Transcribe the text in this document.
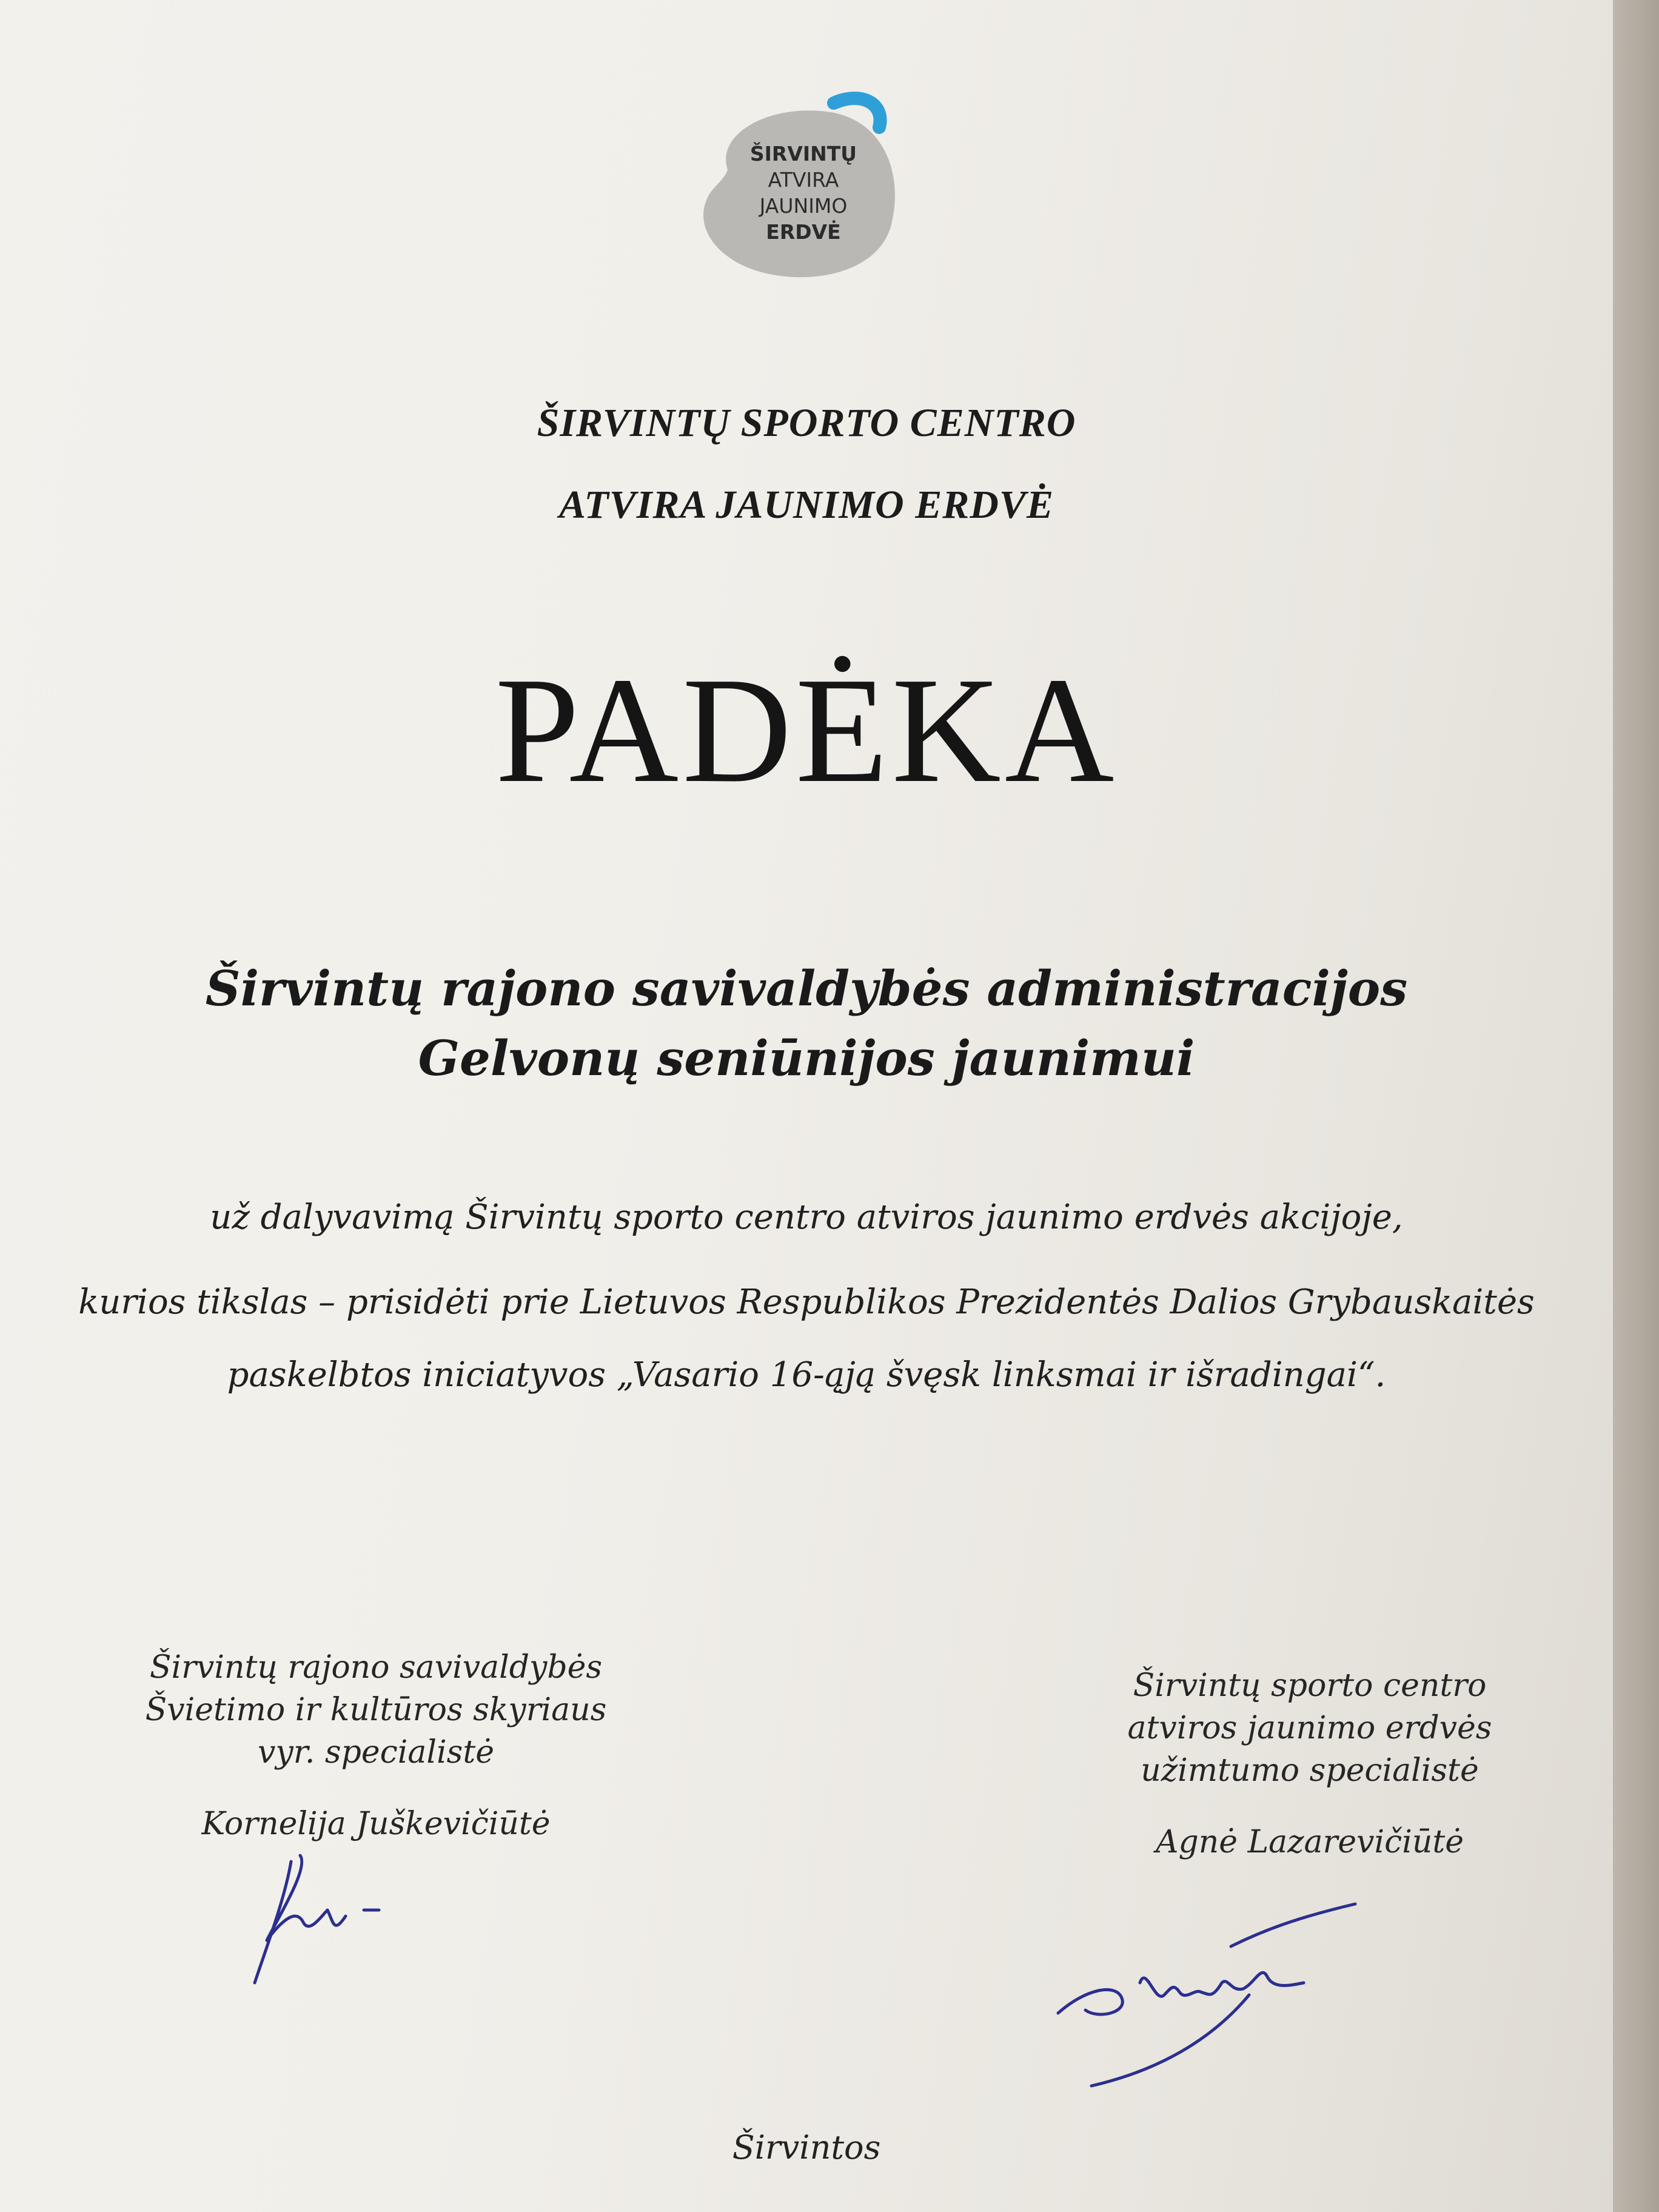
ŠIRVINTŲ
ATVIRA
JAUNIMO
ERDVĖ
ŠIRVINTŲ SPORTO CENTRO
ATVIRA JAUNIMO ERDVĖ
PADĖKA
Širvintų rajono savivaldybės administracijos
Gelvonų seniūnijos jaunimui
už dalyvavimą Širvintų sporto centro atviros jaunimo erdvės akcijoje,
kurios tikslas – prisidėti prie Lietuvos Respublikos Prezidentės Dalios Grybauskaitės
paskelbtos iniciatyvos „Vasario 16-ąją švęsk linksmai ir išradingai“.
Širvintų rajono savivaldybės
Švietimo ir kultūros skyriaus
vyr. specialistė
Kornelija Juškevičiūtė
Širvintų sporto centro
atviros jaunimo erdvės
užimtumo specialistė
Agnė Lazarevičiūtė
Širvintos
